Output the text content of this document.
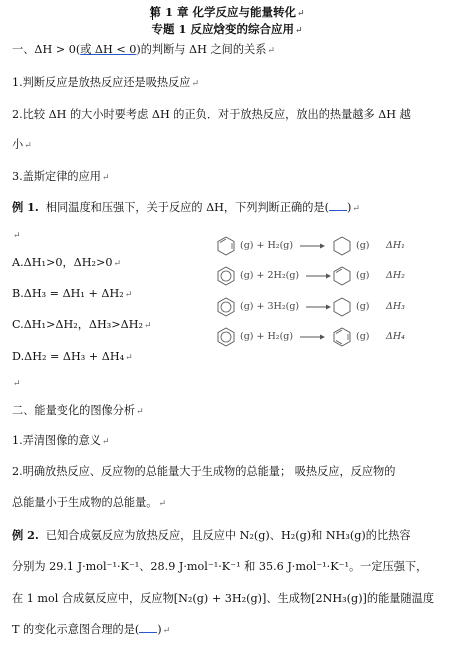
第 1 章 化学反应与能量转化↵
专题 1 反应焓变的综合应用↵
一、ΔH > 0(或 ΔH < 0)的判断与 ΔH 之间的关系↵
1.判断反应是放热反应还是吸热反应↵
2.比较 ΔH 的大小时要考虑 ΔH 的正负．对于放热反应，放出的热量越多 ΔH 越
小↵
3.盖斯定律的应用↵
例 1. 相同温度和压强下，关于反应的 ΔH，下列判断正确的是( )↵
↵
A.ΔH₁>0，ΔH₂>0↵
B.ΔH₃ = ΔH₁ + ΔH₂↵
C.ΔH₁>ΔH₂，ΔH₃>ΔH₂↵
D.ΔH₂ = ΔH₃ + ΔH₄↵
(g) + H₂(g)	(g) ΔH₁
(g) + 2H₂(g)	(g) ΔH₂
(g) + 3H₂(g)	(g) ΔH₃
(g) + H₂(g)	(g) ΔH₄
↵
二、能量变化的图像分析↵
1.弄清图像的意义↵
2.明确放热反应、反应物的总能量大于生成物的总能量； 吸热反应，反应物的
总能量小于生成物的总能量。↵
例 2. 已知合成氨反应为放热反应，且反应中 N₂(g)、H₂(g)和 NH₃(g)的比热容
分别为 29.1 J·mol⁻¹·K⁻¹、28.9 J·mol⁻¹·K⁻¹ 和 35.6 J·mol⁻¹·K⁻¹。一定压强下，
在 1 mol 合成氨反应中，反应物[N₂(g) + 3H₂(g)]、生成物[2NH₃(g)]的能量随温度
T 的变化示意图合理的是( )↵
